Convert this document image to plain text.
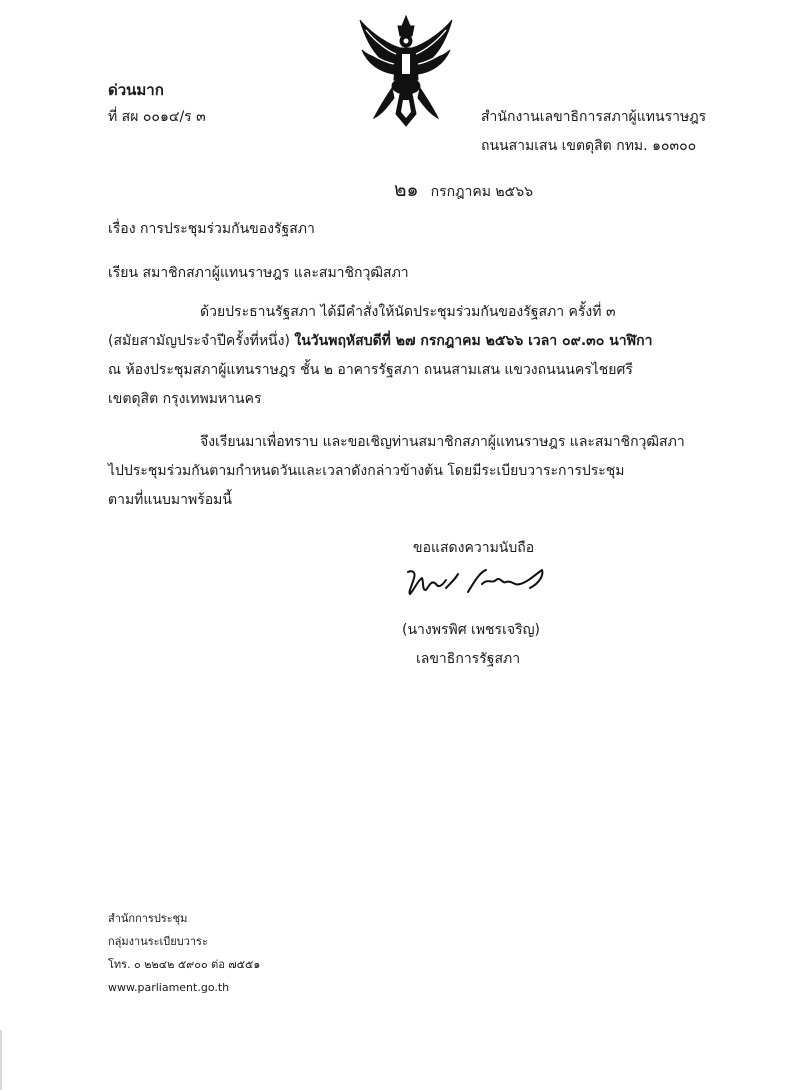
ด่วนมาก
ที่ สผ ๐๐๑๔/ร ๓	สำนักงานเลขาธิการสภาผู้แทนราษฎร
ถนนสามเสน เขตดุสิต กทม. ๑๐๓๐๐
๒๑ กรกฎาคม ๒๕๖๖
เรื่อง การประชุมร่วมกันของรัฐสภา
เรียน สมาชิกสภาผู้แทนราษฎร และสมาชิกวุฒิสภา

ด้วยประธานรัฐสภา ได้มีคำสั่งให้นัดประชุมร่วมกันของรัฐสภา ครั้งที่ ๓
(สมัยสามัญประจำปีครั้งที่หนึ่ง) ในวันพฤหัสบดีที่ ๒๗ กรกฎาคม ๒๕๖๖ เวลา ๐๙.๓๐ นาฬิกา
ณ ห้องประชุมสภาผู้แทนราษฎร ชั้น ๒ อาคารรัฐสภา ถนนสามเสน แขวงถนนนครไชยศรี
เขตดุสิต กรุงเทพมหานคร

จึงเรียนมาเพื่อทราบ และขอเชิญท่านสมาชิกสภาผู้แทนราษฎร และสมาชิกวุฒิสภา
ไปประชุมร่วมกันตามกำหนดวันและเวลาดังกล่าวข้างต้น โดยมีระเบียบวาระการประชุม
ตามที่แนบมาพร้อมนี้

ขอแสดงความนับถือ
(นางพรพิศ เพชรเจริญ)
เลขาธิการรัฐสภา
สำนักการประชุม
กลุ่มงานระเบียบวาระ
โทร. ๐ ๒๒๔๒ ๕๙๐๐ ต่อ ๗๕๕๑
www.parliament.go.th
